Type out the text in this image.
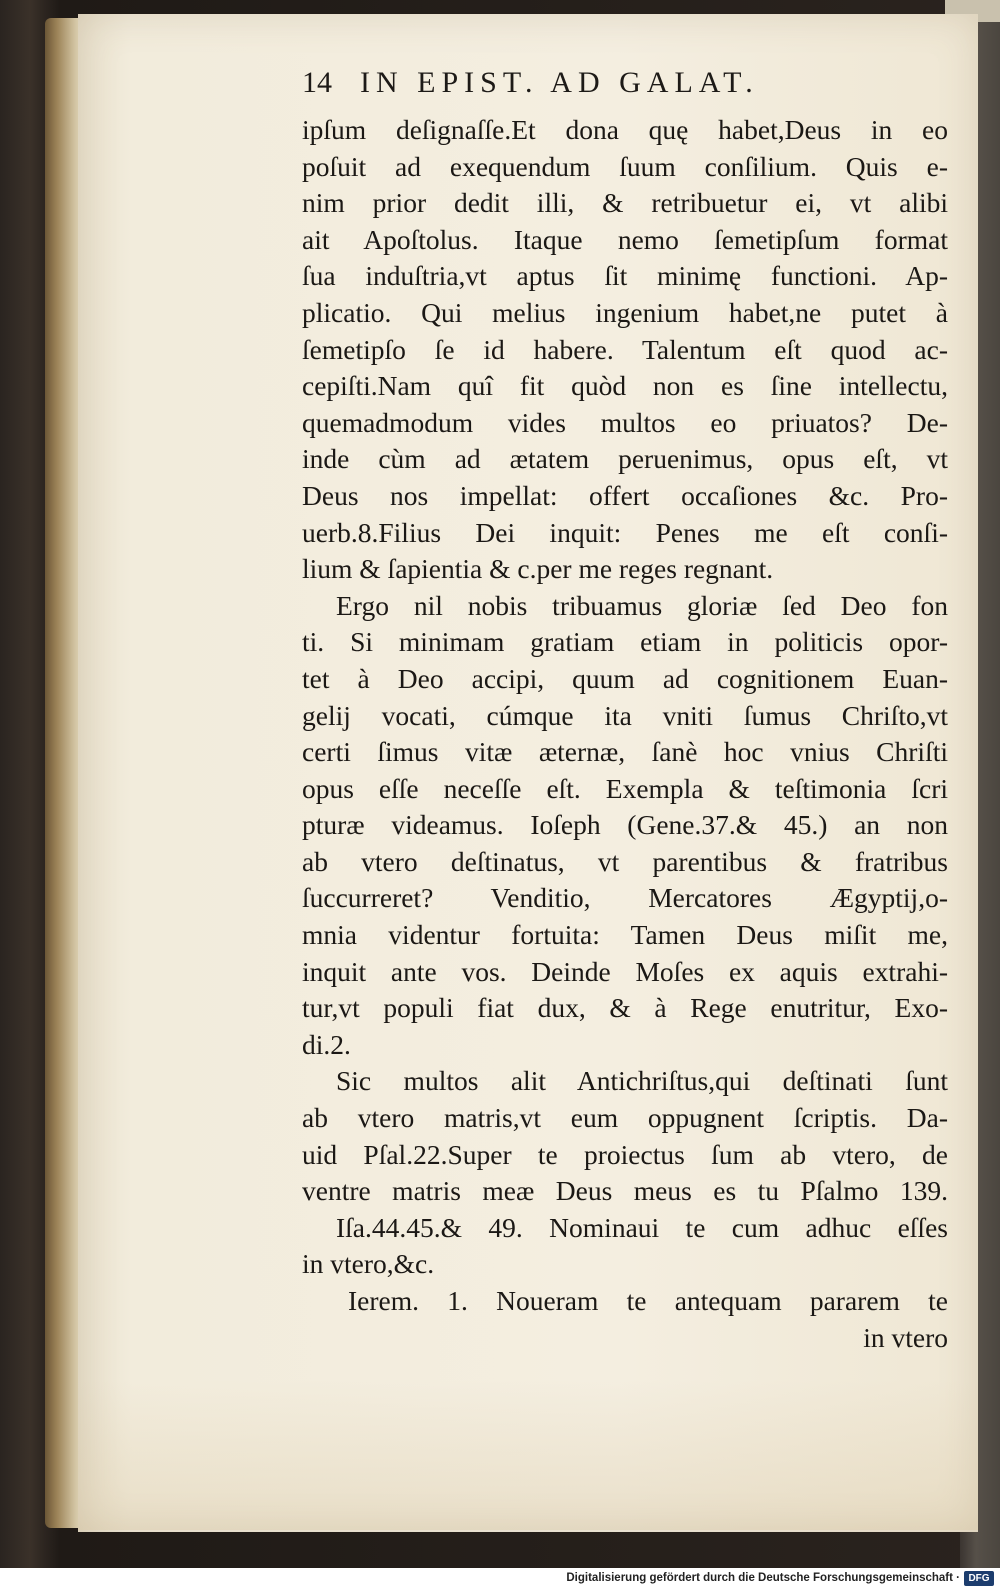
14 IN EPIST. AD GALAT.
ipſum deſignaſſe.Et dona quę habet,Deus in eo
poſuit ad exequendum ſuum conſilium. Quis e-
nim prior dedit illi, & retribuetur ei, vt alibi
ait Apoſtolus. Itaque nemo ſemetipſum format
ſua induſtria,vt aptus ſit minimę functioni. Ap-
plicatio. Qui melius ingenium habet,ne putet à
ſemetipſo ſe id habere. Talentum eſt quod ac-
cepiſti.Nam quî fit quòd non es ſine intellectu,
quemadmodum vides multos eo priuatos? De-
inde cùm ad ætatem peruenimus, opus eſt, vt
Deus nos impellat: offert occaſiones &c. Pro-
uerb.8.Filius Dei inquit: Penes me eſt conſi-
lium & ſapientia & c.per me reges regnant.
Ergo nil nobis tribuamus gloriæ ſed Deo fon
ti. Si minimam gratiam etiam in politicis opor-
tet à Deo accipi, quum ad cognitionem Euan-
gelij vocati, cúmque ita vniti ſumus Chriſto,vt
certi ſimus vitæ æternæ, ſanè hoc vnius Chriſti
opus eſſe neceſſe eſt. Exempla & teſtimonia ſcri
pturæ videamus. Ioſeph (Gene.37.& 45.) an non
ab vtero deſtinatus, vt parentibus & fratribus
ſuccurreret? Venditio, Mercatores Ægyptij,o-
mnia videntur fortuita: Tamen Deus miſit me,
inquit ante vos. Deinde Moſes ex aquis extrahi-
tur,vt populi fiat dux, & à Rege enutritur, Exo-
di.2.
Sic multos alit Antichriſtus,qui deſtinati ſunt
ab vtero matris,vt eum oppugnent ſcriptis. Da-
uid Pſal.22.Super te proiectus ſum ab vtero, de
ventre matris meæ Deus meus es tu Pſalmo 139.
Iſa.44.45.& 49. Nominaui te cum adhuc eſſes
in vtero,&c.
Ierem. 1. Noueram te antequam pararem te
in vtero
Digitalisierung gefördert durch die Deutsche Forschungsgemeinschaft · DFG
